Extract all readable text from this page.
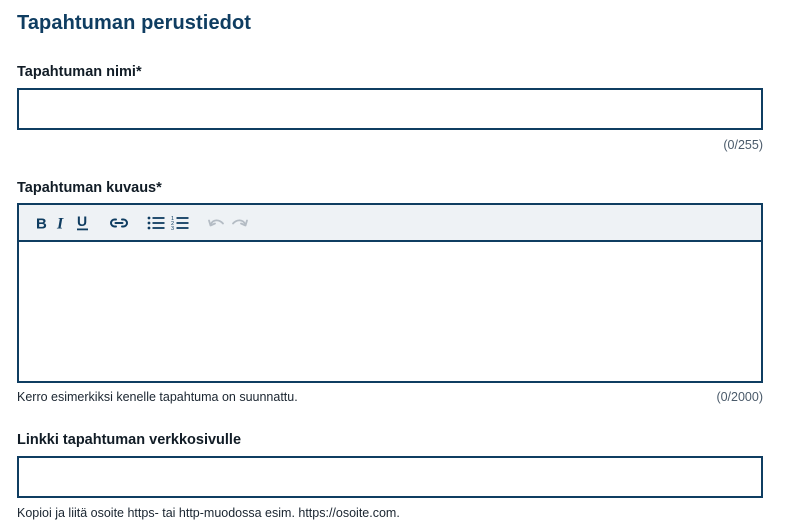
Tapahtuman perustiedot
Tapahtuman nimi*
(0/255)
Tapahtuman kuvaus*
B I U	1
2
3
Kerro esimerkiksi kenelle tapahtuma on suunnattu.	(0/2000)
Linkki tapahtuman verkkosivulle
Kopioi ja liitä osoite https- tai http-muodossa esim. https://osoite.com.
